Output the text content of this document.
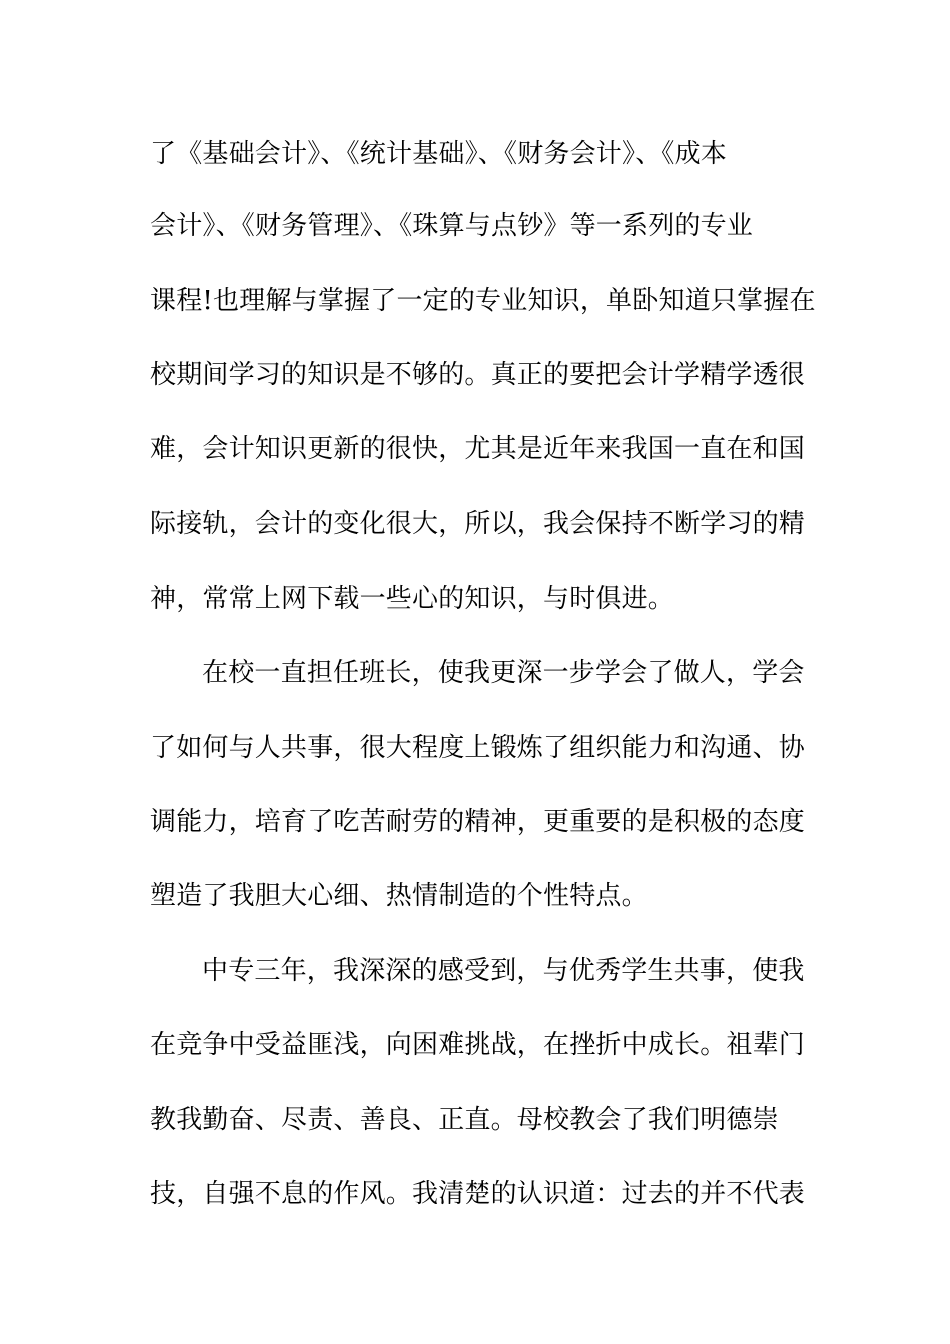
了《基础会计》、《统计基础》、《财务会计》、《成本

会计》、《财务管理》、《珠算与点钞》等一系列的专业

课程!也理解与掌握了一定的专业知识，单卧知道只掌握在

校期间学习的知识是不够的。真正的要把会计学精学透很

难，会计知识更新的很快，尤其是近年来我国一直在和国

际接轨，会计的变化很大，所以，我会保持不断学习的精

神，常常上网下载一些心的知识，与时俱进。

在校一直担任班长，使我更深一步学会了做人，学会

了如何与人共事，很大程度上锻炼了组织能力和沟通、协

调能力，培育了吃苦耐劳的精神，更重要的是积极的态度

塑造了我胆大心细、热情制造的个性特点。

中专三年，我深深的感受到，与优秀学生共事，使我

在竞争中受益匪浅，向困难挑战，在挫折中成长。祖辈门

教我勤奋、尽责、善良、正直。母校教会了我们明德崇

技，自强不息的作风。我清楚的认识道：过去的并不代表
